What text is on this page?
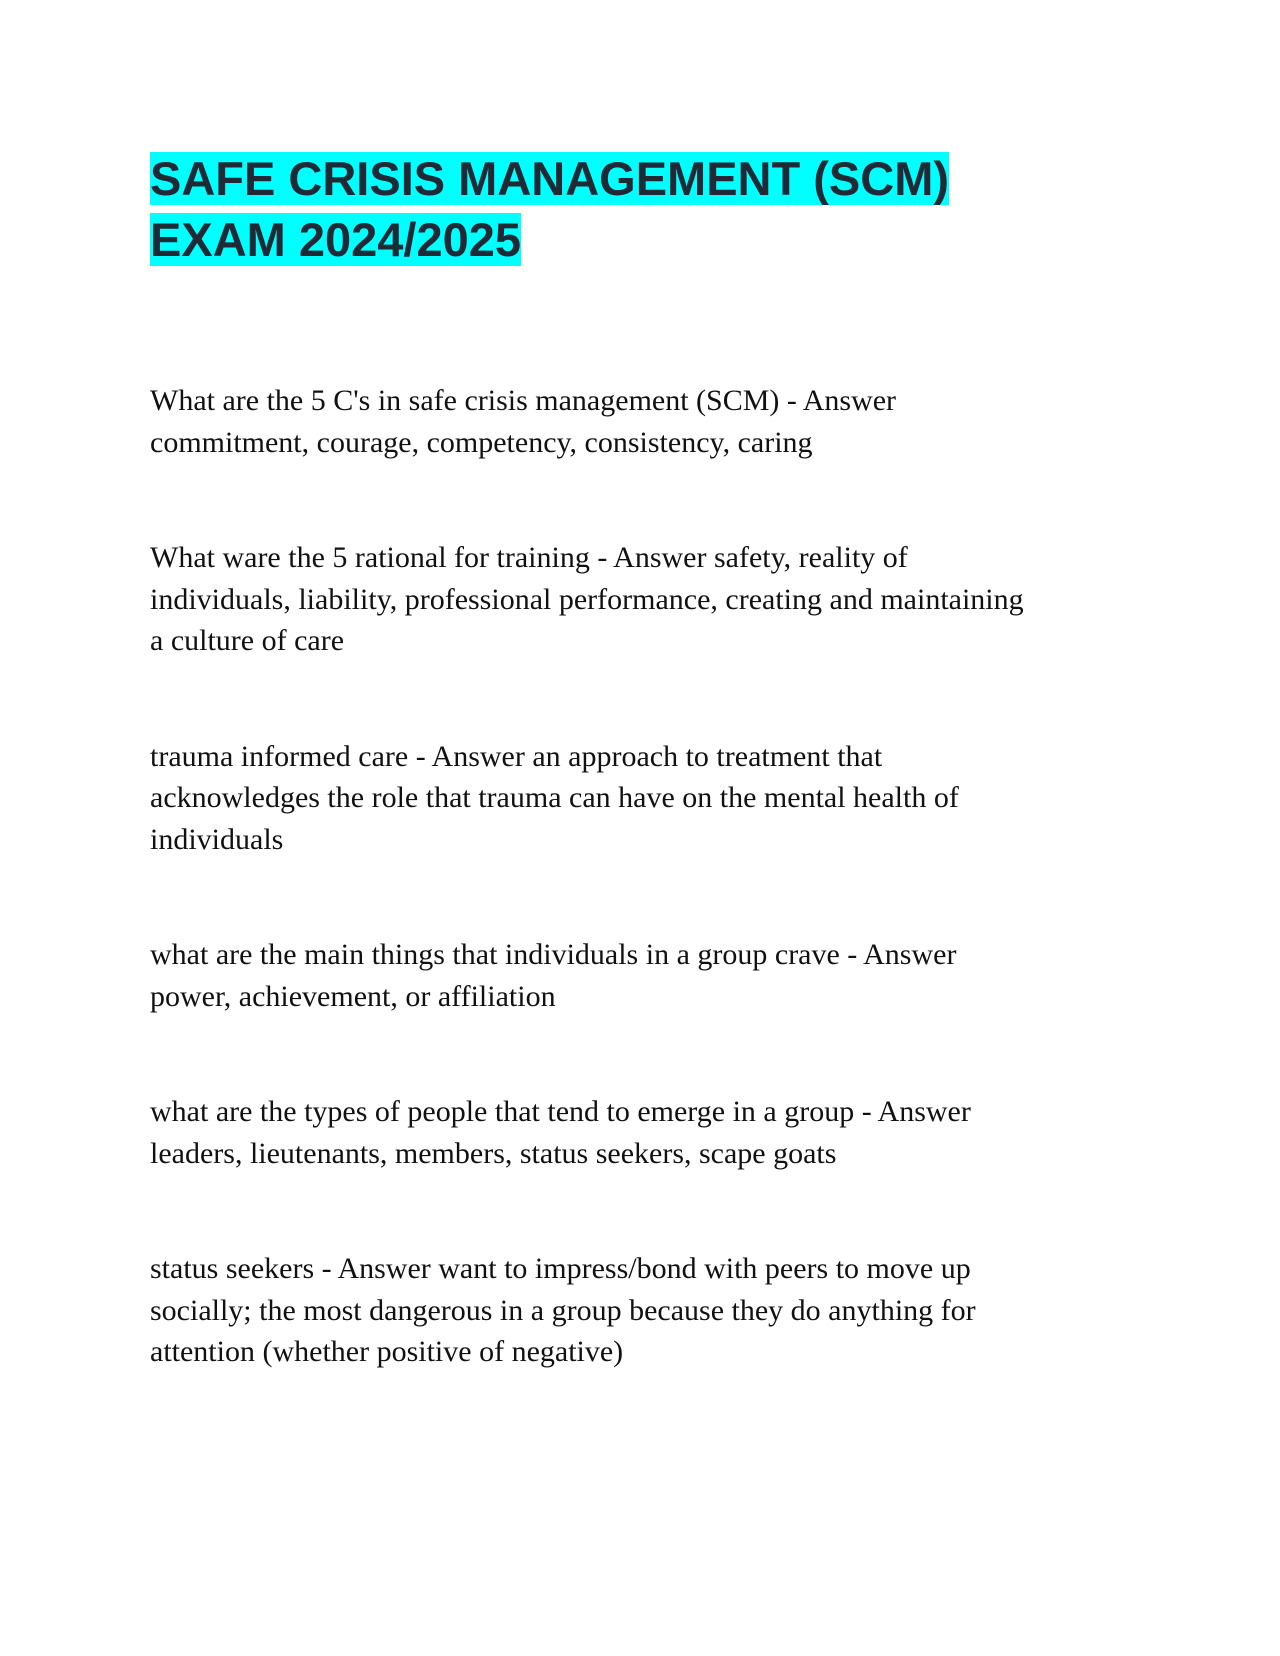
SAFE CRISIS MANAGEMENT (SCM)
EXAM 2024/2025

What are the 5 C's in safe crisis management (SCM) - Answer
commitment, courage, competency, consistency, caring

What ware the 5 rational for training - Answer safety, reality of
individuals, liability, professional performance, creating and maintaining
a culture of care

trauma informed care - Answer an approach to treatment that
acknowledges the role that trauma can have on the mental health of
individuals

what are the main things that individuals in a group crave - Answer
power, achievement, or affiliation

what are the types of people that tend to emerge in a group - Answer
leaders, lieutenants, members, status seekers, scape goats

status seekers - Answer want to impress/bond with peers to move up
socially; the most dangerous in a group because they do anything for
attention (whether positive of negative)
